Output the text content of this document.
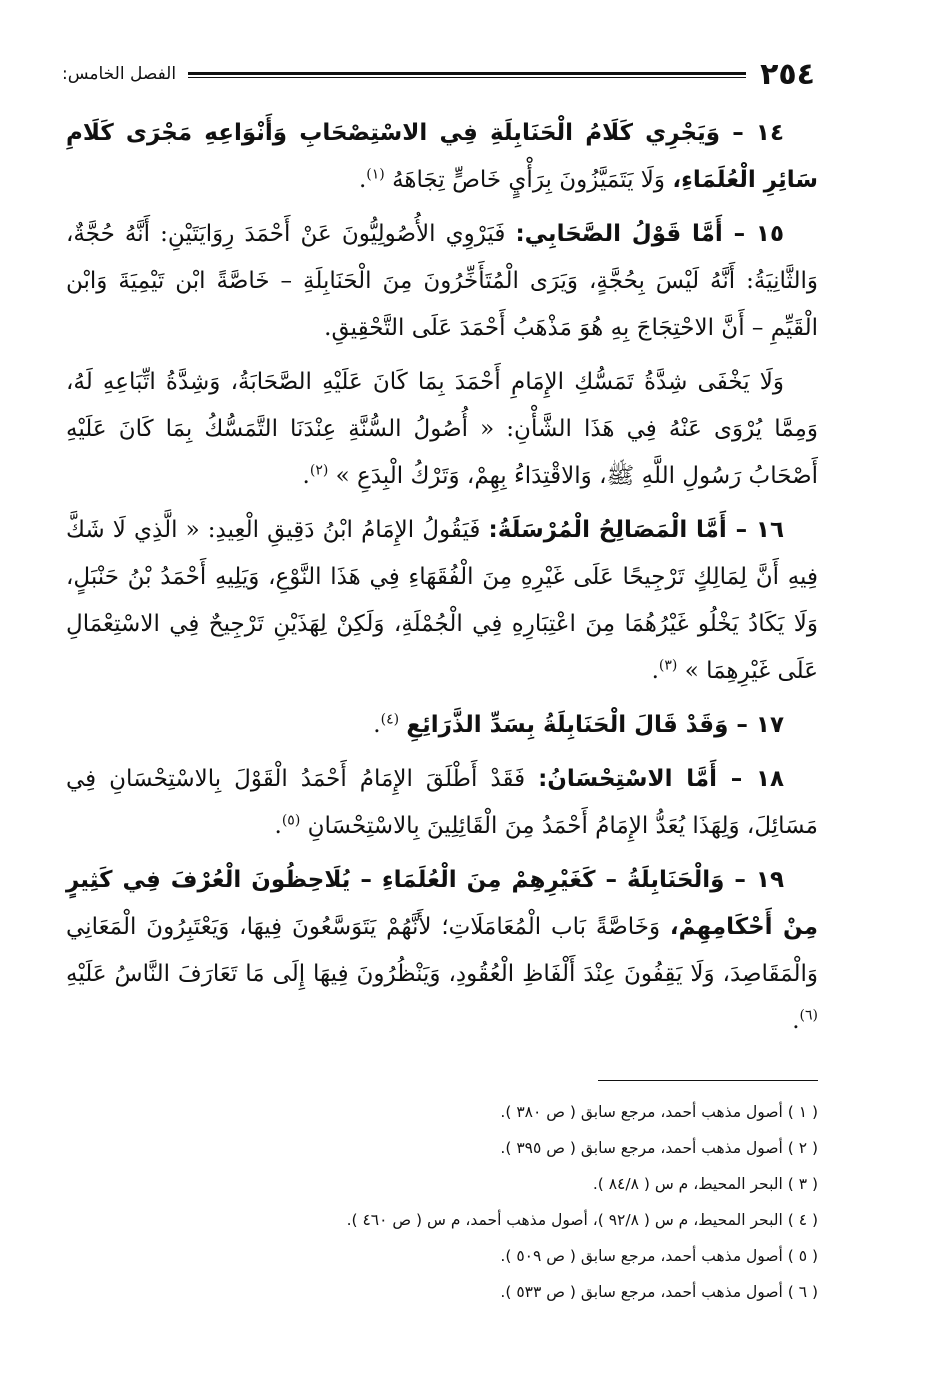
٢٥٤
الفصل الخامس:

١٤ – وَيَجْرِي كَلَامُ الْحَنَابِلَةِ فِي الاسْتِصْحَابِ وَأَنْوَاعِهِ مَجْرَى كَلَامِ سَائِرِ الْعُلَمَاءِ، وَلَا يَتَمَيَّزُونَ بِرَأْيٍ خَاصٍّ تِجَاهَهُ $^{(١)}$.

١٥ – أَمَّا قَوْلُ الصَّحَابِي: فَيَرْوِي الأُصُولِيُّونَ عَنْ أَحْمَدَ رِوَايَتَيْنِ: أَنَّهُ حُجَّةٌ، وَالثَّانِيَةُ: أَنَّهُ لَيْسَ بِحُجَّةٍ، وَيَرَى الْمُتَأَخِّرُونَ مِنَ الْحَنَابِلَةِ – خَاصَّةً ابْن تَيْمِيَةَ وَابْن الْقَيِّمِ – أَنَّ الاحْتِجَاجَ بِهِ هُوَ مَذْهَبُ أَحْمَدَ عَلَى التَّحْقِيقِ.

وَلَا يَخْفَى شِدَّةُ تَمَسُّكِ الإِمَامِ أَحْمَدَ بِمَا كَانَ عَلَيْهِ الصَّحَابَةُ، وَشِدَّةُ اتِّبَاعِهِ لَهُ، وَمِمَّا يُرْوَى عَنْهُ فِي هَذَا الشَّأْنِ: « أُصُولُ السُّنَّةِ عِنْدَنَا التَّمَسُّكُ بِمَا كَانَ عَلَيْهِ أَصْحَابُ رَسُولِ اللَّهِ ﷺ، وَالاقْتِدَاءُ بِهِمْ، وَتَرْكُ الْبِدَعِ » $^{(٢)}$.

١٦ – أَمَّا الْمَصَالِحُ الْمُرْسَلَةُ: فَيَقُولُ الإِمَامُ ابْنُ دَقِيقِ الْعِيدِ: « الَّذِي لَا شَكَّ فِيهِ أَنَّ لِمَالِكٍ تَرْجِيحًا عَلَى غَيْرِهِ مِنَ الْفُقَهَاءِ فِي هَذَا النَّوْعِ، وَيَلِيهِ أَحْمَدُ بْنُ حَنْبَلٍ، وَلَا يَكَادُ يَخْلُو غَيْرُهُمَا مِنَ اعْتِبَارِهِ فِي الْجُمْلَةِ، وَلَكِنْ لِهَذَيْنِ تَرْجِيحٌ فِي الاسْتِعْمَالِ عَلَى غَيْرِهِمَا » $^{(٣)}$.

١٧ – وَقَدْ قَالَ الْحَنَابِلَةُ بِسَدِّ الذَّرَائِعِ $^{(٤)}$.

١٨ – أَمَّا الاسْتِحْسَانُ: فَقَدْ أَطْلَقَ الإِمَامُ أَحْمَدُ الْقَوْلَ بِالاسْتِحْسَانِ فِي مَسَائِلَ، وَلِهَذَا يُعَدُّ الإِمَامُ أَحْمَدُ مِنَ الْقَائِلِينَ بِالاسْتِحْسَانِ $^{(٥)}$.

١٩ – وَالْحَنَابِلَةُ – كَغَيْرِهِمْ مِنَ الْعُلَمَاءِ – يُلَاحِظُونَ الْعُرْفَ فِي كَثِيرٍ مِنْ أَحْكَامِهِمْ، وَخَاصَّةً بَاب الْمُعَامَلَاتِ؛ لأَنَّهُمْ يَتَوَسَّعُونَ فِيهَا، وَيَعْتَبِرُونَ الْمَعَانِي وَالْمَقَاصِدَ، وَلَا يَقِفُونَ عِنْدَ أَلْفَاظِ الْعُقُودِ، وَيَنْظُرُونَ فِيهَا إِلَى مَا تَعَارَفَ النَّاسُ عَلَيْهِ $^{(٦)}$.

( ١ ) أصول مذهب أحمد، مرجع سابق ( ص ٣٨٠ ).

( ٢ ) أصول مذهب أحمد، مرجع سابق ( ص ٣٩٥ ).

( ٣ ) البحر المحيط، م س ( ٨٤/٨ ).

( ٤ ) البحر المحيط، م س ( ٩٢/٨ )، أصول مذهب أحمد، م س ( ص ٤٦٠ ).

( ٥ ) أصول مذهب أحمد، مرجع سابق ( ص ٥٠٩ ).

( ٦ ) أصول مذهب أحمد، مرجع سابق ( ص ٥٣٣ ).
